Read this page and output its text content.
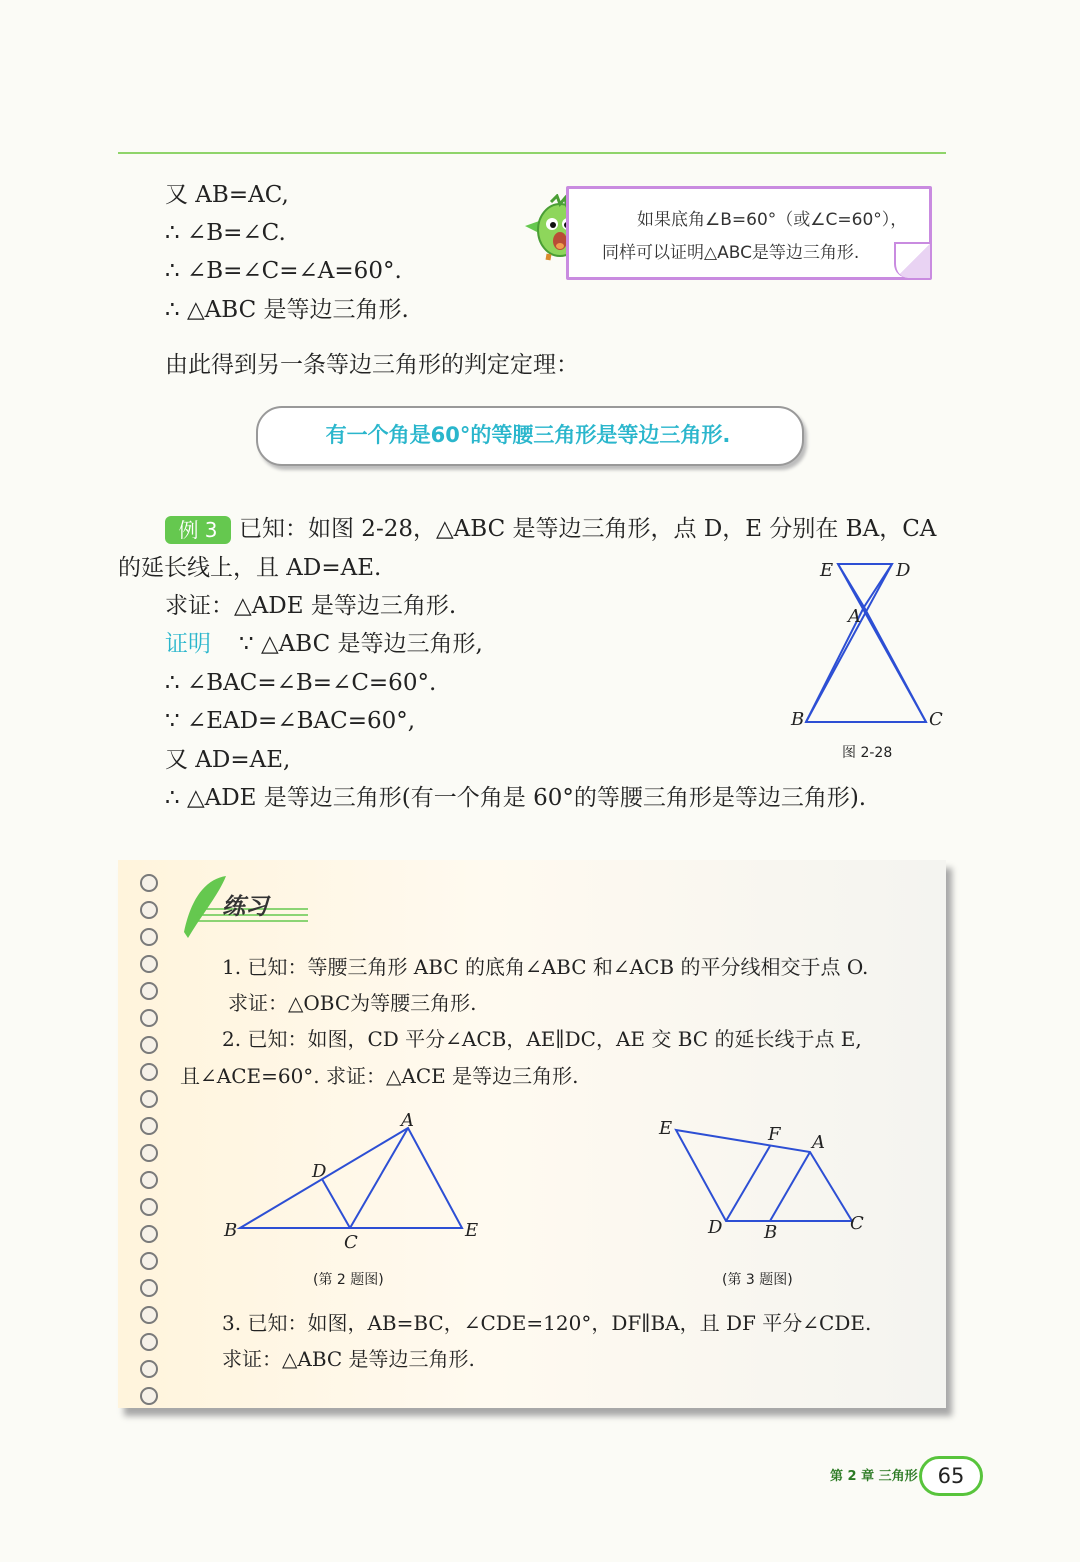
又 AB=AC,
∴ ∠B=∠C.
∴ ∠B=∠C=∠A=60°.
∴ △ABC 是等边三角形.
如果底角∠B=60°（或∠C=60°），
同样可以证明△ABC是等边三角形.
由此得到另一条等边三角形的判定定理：
有一个角是60°的等腰三角形是等边三角形.
例 3 已知：如图 2-28，△ABC 是等边三角形，点 D，E 分别在 BA，CA
的延长线上，且 AD=AE.
求证：△ADE 是等边三角形.
证明 ∵ △ABC 是等边三角形,
∴ ∠BAC=∠B=∠C=60°.
∵ ∠EAD=∠BAC=60°,
又 AD=AE,
∴ △ADE 是等边三角形(有一个角是 60°的等腰三角形是等边三角形).
E	D
A
B	C
图 2-28
练习
1. 已知：等腰三角形 ABC 的底角∠ABC 和∠ACB 的平分线相交于点 O.
求证：△OBC为等腰三角形.
2. 已知：如图，CD 平分∠ACB，AE∥DC，AE 交 BC 的延长线于点 E,
且∠ACE=60°. 求证：△ACE 是等边三角形.
A
D
B
C
E
E	F A
D B	C
(第 2 题图)	(第 3 题图)
3. 已知：如图，AB=BC，∠CDE=120°，DF∥BA，且 DF 平分∠CDE.
求证：△ABC 是等边三角形.
第 2 章 三角形 65
